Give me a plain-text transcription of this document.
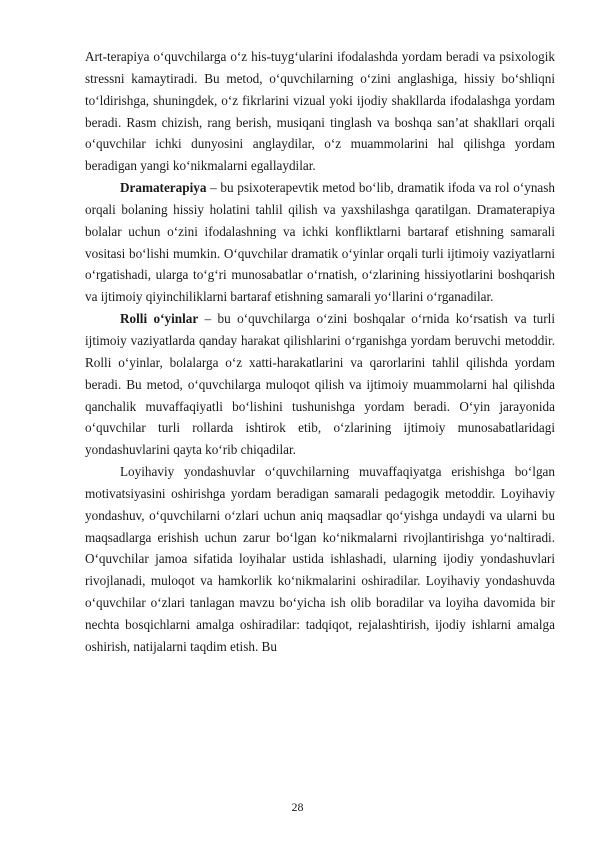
Art-terapiya o‘quvchilarga o‘z his-tuyg‘ularini ifodalashda yordam beradi va psixologik stressni kamaytiradi. Bu metod, o‘quvchilarning o‘zini anglashiga, hissiy bo‘shliqni to‘ldirishga, shuningdek, o‘z fikrlarini vizual yoki ijodiy shakllarda ifodalashga yordam beradi. Rasm chizish, rang berish, musiqani tinglash va boshqa san’at shakllari orqali o‘quvchilar ichki dunyosini anglaydilar, o‘z muammolarini hal qilishga yordam beradigan yangi ko‘nikmalarni egallaydilar.

Dramaterapiya – bu psixoterapevtik metod bo‘lib, dramatik ifoda va rol o‘ynash orqali bolaning hissiy holatini tahlil qilish va yaxshilashga qaratilgan. Dramaterapiya bolalar uchun o‘zini ifodalashning va ichki konfliktlarni bartaraf etishning samarali vositasi bo‘lishi mumkin. O‘quvchilar dramatik o‘yinlar orqali turli ijtimoiy vaziyatlarni o‘rgatishadi, ularga to‘g‘ri munosabatlar o‘rnatish, o‘zlarining hissiyotlarini boshqarish va ijtimoiy qiyinchiliklarni bartaraf etishning samarali yo‘llarini o‘rganadilar.

Rolli o‘yinlar – bu o‘quvchilarga o‘zini boshqalar o‘rnida ko‘rsatish va turli ijtimoiy vaziyatlarda qanday harakat qilishlarini o‘rganishga yordam beruvchi metoddir. Rolli o‘yinlar, bolalarga o‘z xatti-harakatlarini va qarorlarini tahlil qilishda yordam beradi. Bu metod, o‘quvchilarga muloqot qilish va ijtimoiy muammolarni hal qilishda qanchalik muvaffaqiyatli bo‘lishini tushunishga yordam beradi. O‘yin jarayonida o‘quvchilar turli rollarda ishtirok etib, o‘zlarining ijtimoiy munosabatlaridagi yondashuvlarini qayta ko‘rib chiqadilar.

Loyihaviy yondashuvlar o‘quvchilarning muvaffaqiyatga erishishga bo‘lgan motivatsiyasini oshirishga yordam beradigan samarali pedagogik metoddir. Loyihaviy yondashuv, o‘quvchilarni o‘zlari uchun aniq maqsadlar qo‘yishga undaydi va ularni bu maqsadlarga erishish uchun zarur bo‘lgan ko‘nikmalarni rivojlantirishga yo‘naltiradi. O‘quvchilar jamoa sifatida loyihalar ustida ishlashadi, ularning ijodiy yondashuvlari rivojlanadi, muloqot va hamkorlik ko‘nikmalarini oshiradilar. Loyihaviy yondashuvda o‘quvchilar o‘zlari tanlagan mavzu bo‘yicha ish olib boradilar va loyiha davomida bir nechta bosqichlarni amalga oshiradilar: tadqiqot, rejalashtirish, ijodiy ishlarni amalga oshirish, natijalarni taqdim etish. Bu

28
